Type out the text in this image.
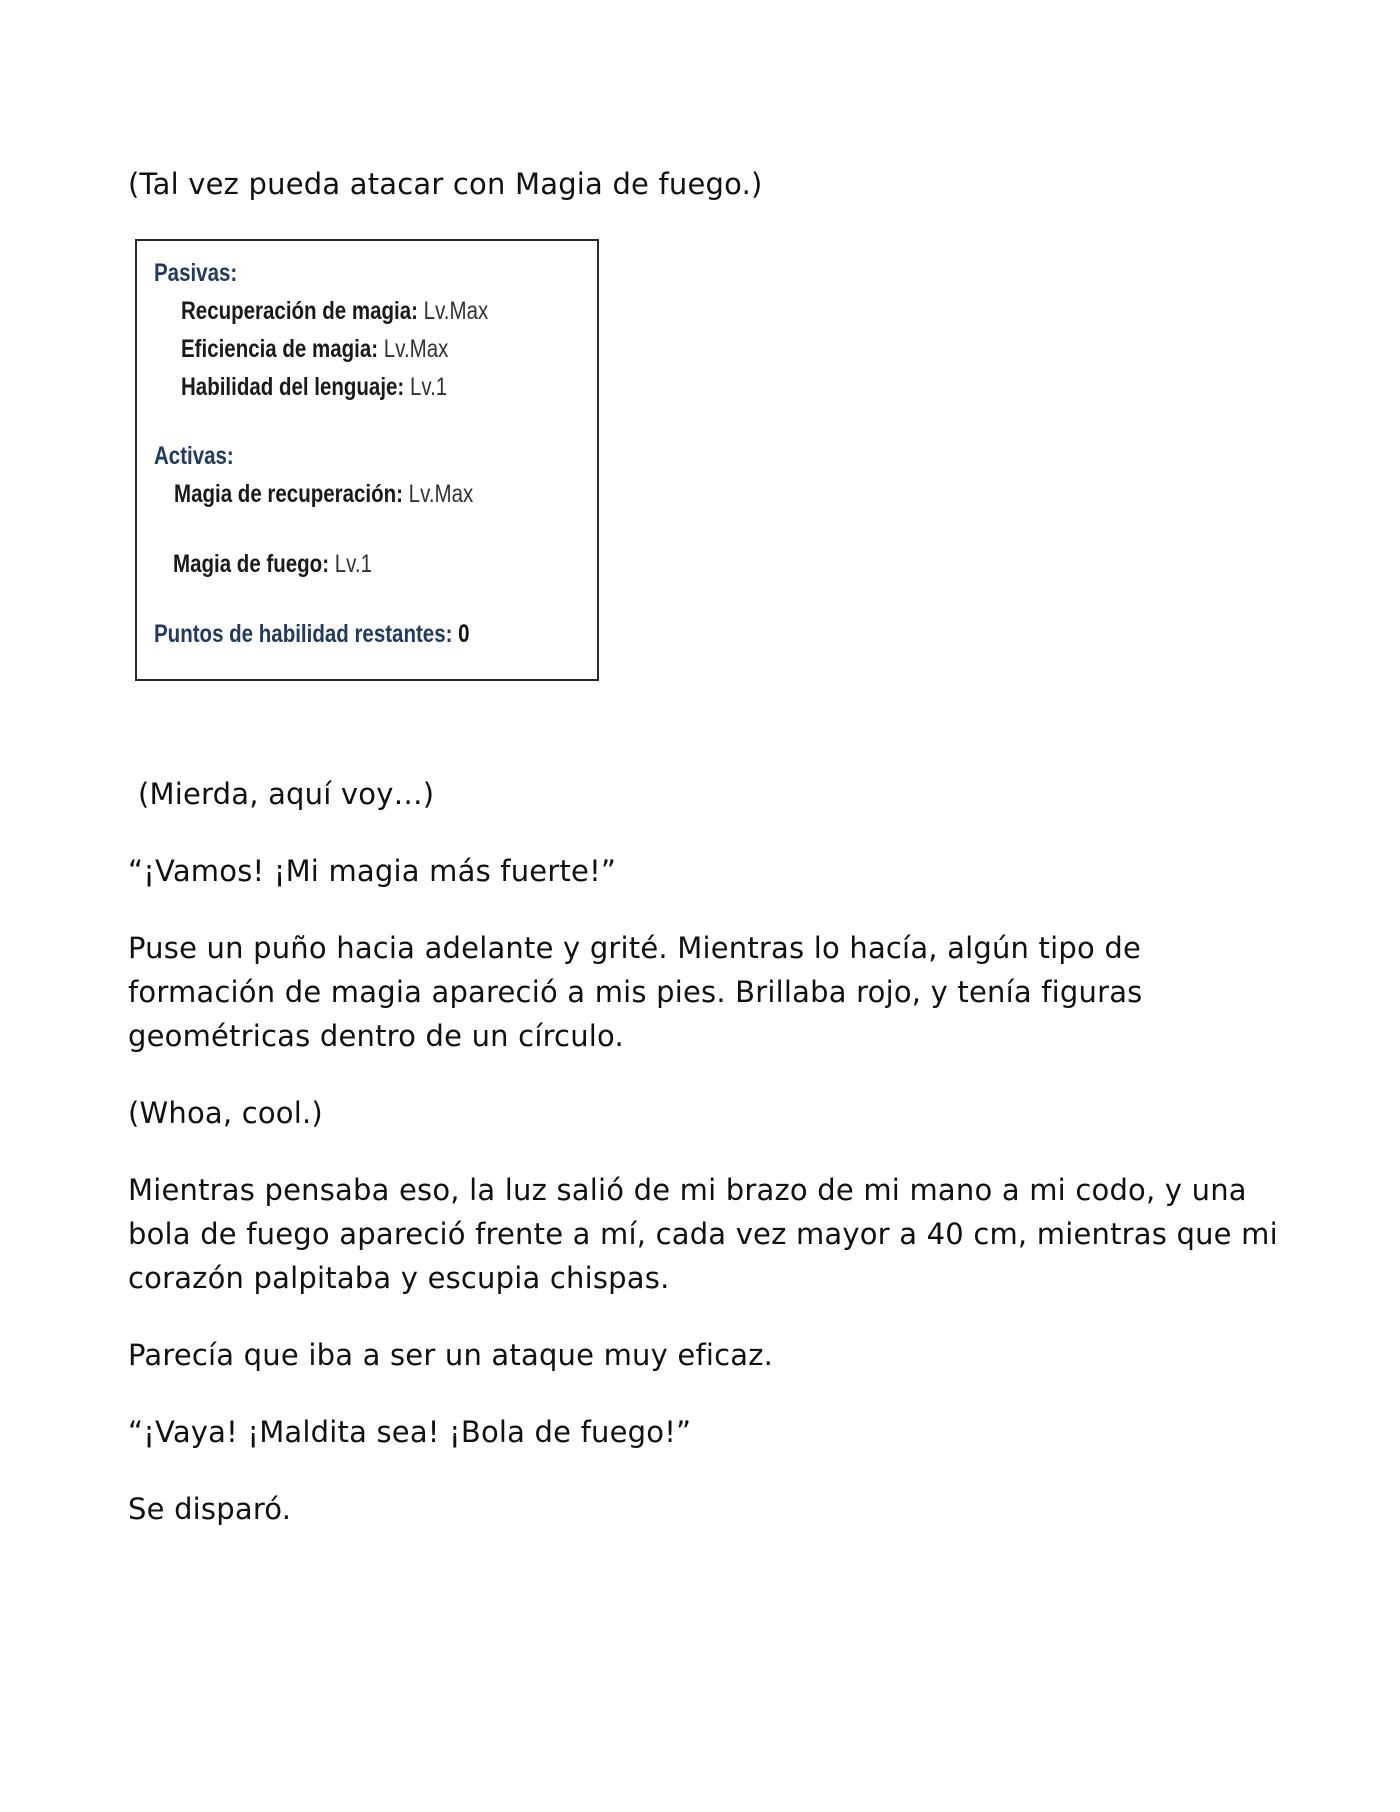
(Tal vez pueda atacar con Magia de fuego.)

Pasivas:
Recuperación de magia: Lv.Max
Eficiencia de magia: Lv.Max
Habilidad del lenguaje: Lv.1
Activas:
Magia de recuperación: Lv.Max
Magia de fuego: Lv.1
Puntos de habilidad restantes: 0

(Mierda, aquí voy…)

“¡Vamos! ¡Mi magia más fuerte!”

Puse un puño hacia adelante y grité. Mientras lo hacía, algún tipo de formación de magia apareció a mis pies. Brillaba rojo, y tenía figuras geométricas dentro de un círculo.

(Whoa, cool.)

Mientras pensaba eso, la luz salió de mi brazo de mi mano a mi codo, y una bola de fuego apareció frente a mí, cada vez mayor a 40 cm, mientras que mi corazón palpitaba y escupia chispas.

Parecía que iba a ser un ataque muy eficaz.

“¡Vaya! ¡Maldita sea! ¡Bola de fuego!”

Se disparó.
